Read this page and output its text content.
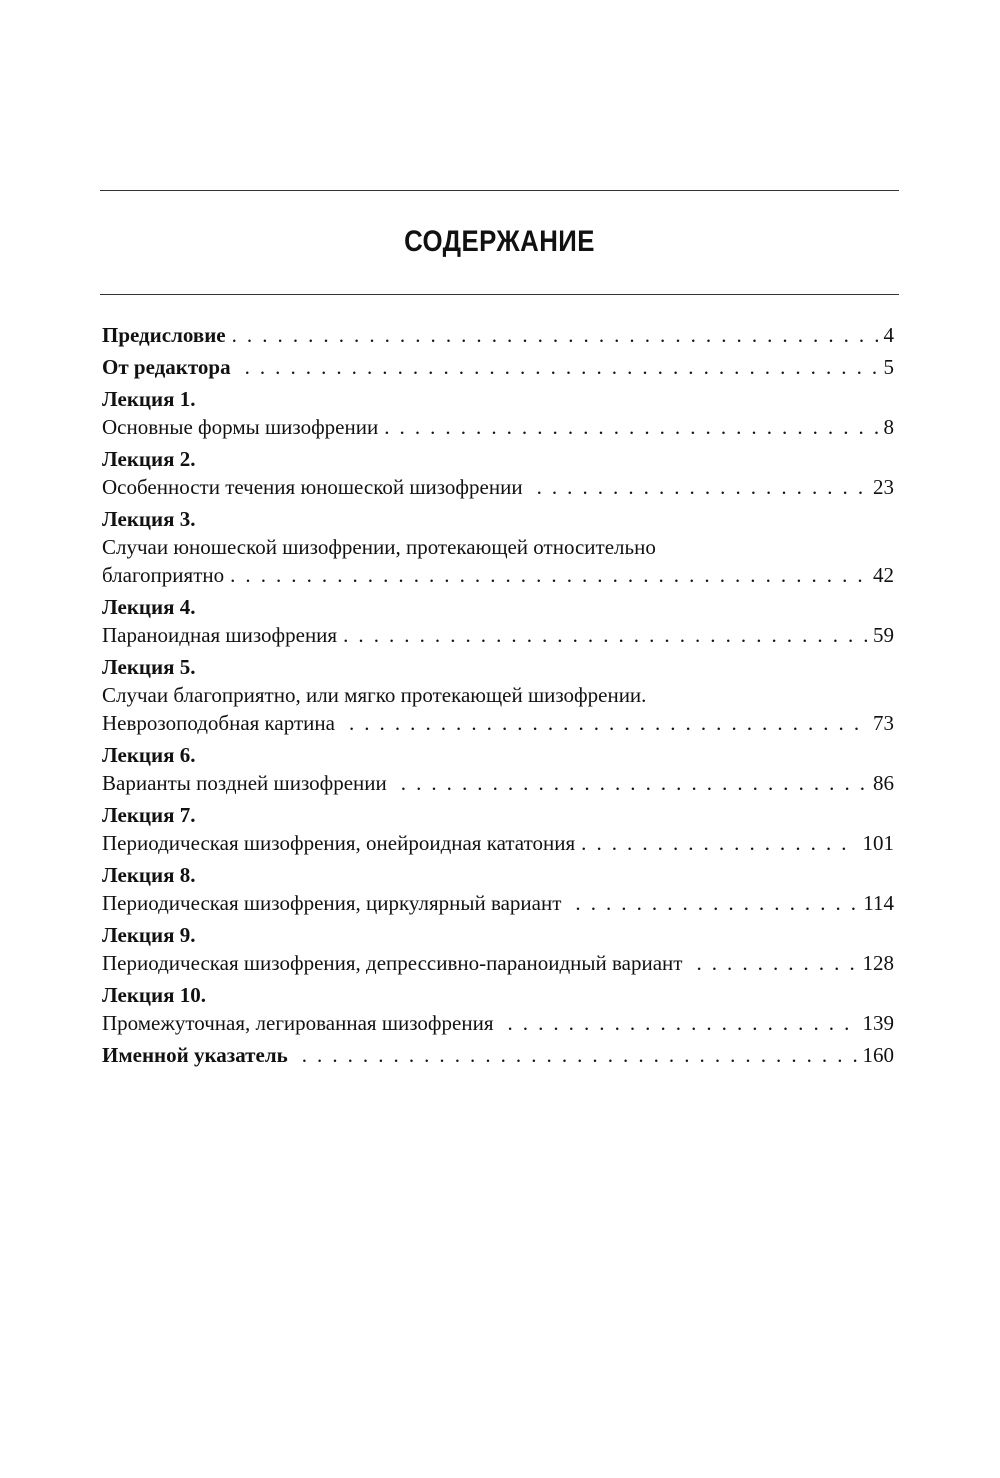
СОДЕРЖАНИЕ
Предисловие . . .	4
От редактора . . .	5
Лекция 1.
Основные формы шизофрении . . .	8
Лекция 2.
Особенности течения юношеской шизофрении . . .	23
Лекция 3.
Случаи юношеской шизофрении, протекающей относительно
благоприятно . . .	42
Лекция 4.
Параноидная шизофрения . . .	59
Лекция 5.
Случаи благоприятно, или мягко протекающей шизофрении.
Неврозоподобная картина . . .	73
Лекция 6.
Варианты поздней шизофрении . . .	86
Лекция 7.
Периодическая шизофрения, онейроидная кататония . . .	101
Лекция 8.
Периодическая шизофрения, циркулярный вариант . . .	114
Лекция 9.
Периодическая шизофрения, депрессивно-параноидный вариант . . .	128
Лекция 10.
Промежуточная, легированная шизофрения . . .	139
Именной указатель . . .	160
